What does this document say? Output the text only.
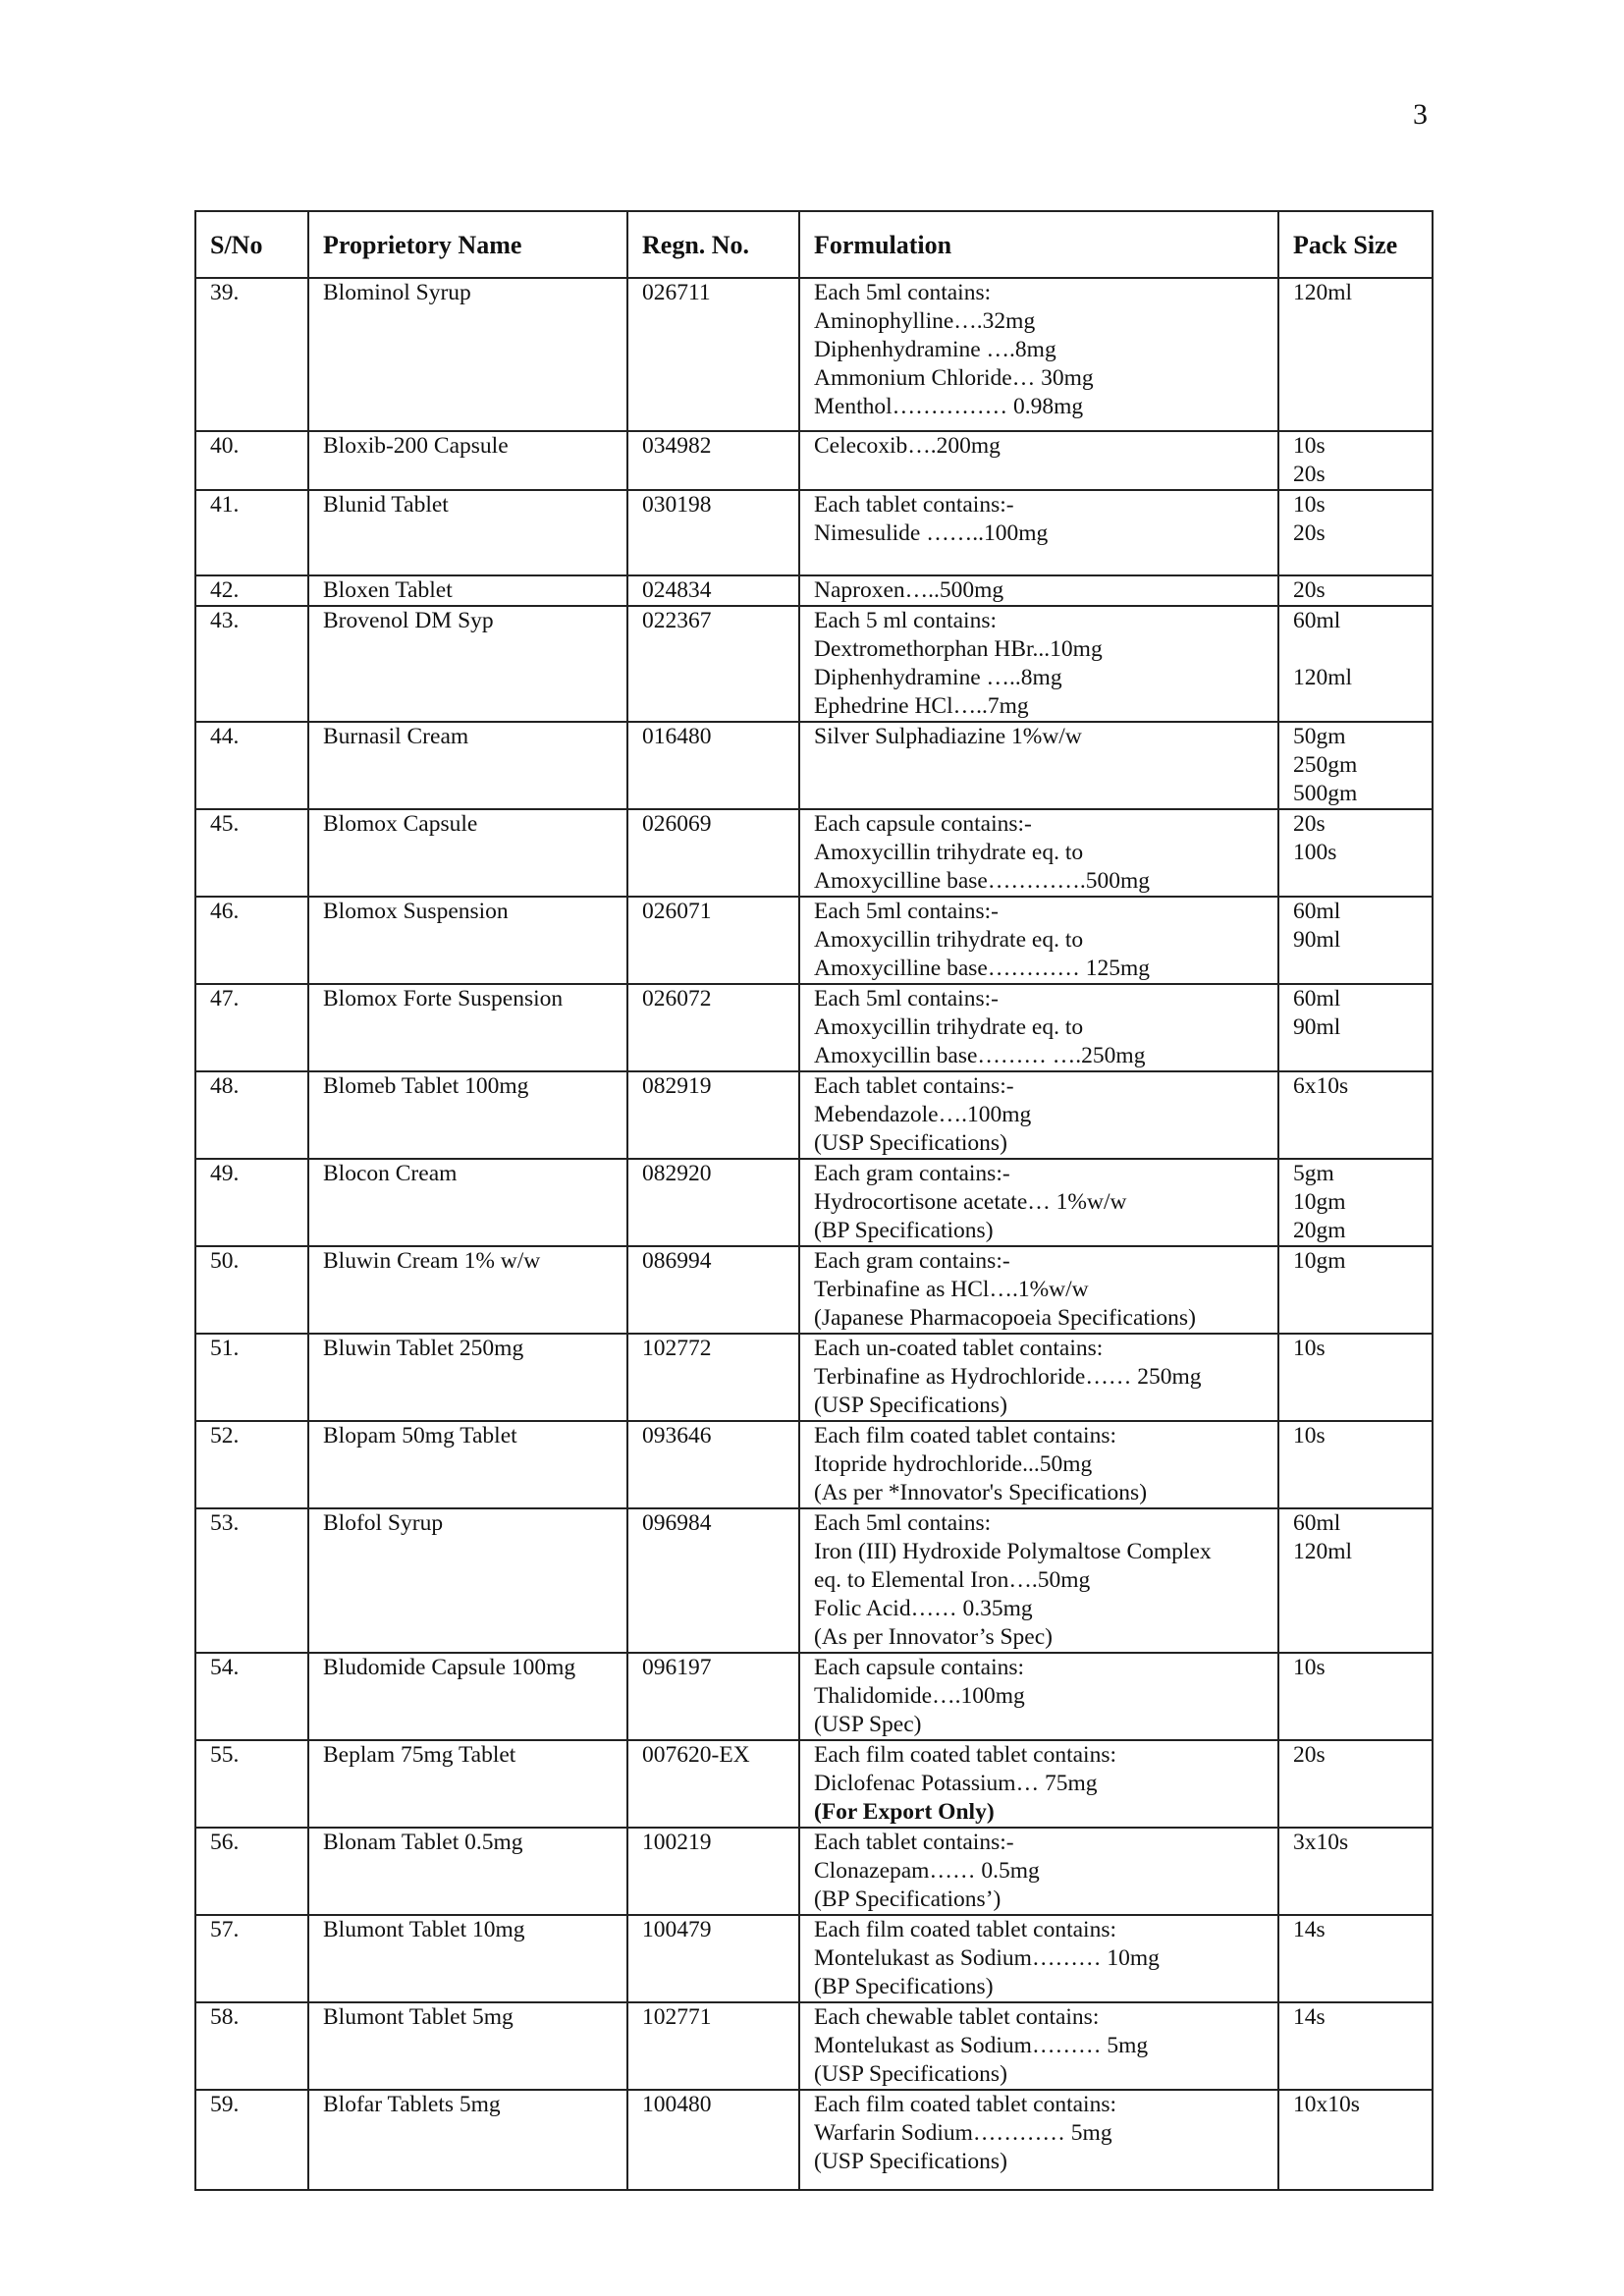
3
S/No	Proprietory Name	Regn. No.	Formulation	Pack Size
39.	Blominol Syrup	026711	Each 5ml contains:
Aminophylline….32mg
Diphenhydramine ….8mg
Ammonium Chloride… 30mg
Menthol…………… 0.98mg	120ml

40.	Bloxib-200 Capsule	034982	Celecoxib….200mg	10s
20s

41.	Blunid Tablet	030198	Each tablet contains:-
Nimesulide ……..100mg	10s
20s

42.	Bloxen Tablet	024834	Naproxen…..500mg	20s

43.	Brovenol DM Syp	022367	Each 5 ml contains:
Dextromethorphan HBr...10mg
Diphenhydramine …..8mg
Ephedrine HCl…..7mg	60ml
120ml

44.	Burnasil Cream	016480	Silver Sulphadiazine 1%w/w	50gm
250gm
500gm

45.	Blomox Capsule	026069	Each capsule contains:-
Amoxycillin trihydrate eq. to
Amoxycilline base………….500mg	20s
100s

46.	Blomox Suspension	026071	Each 5ml contains:-
Amoxycillin trihydrate eq. to
Amoxycilline base………… 125mg	60ml
90ml

47.	Blomox Forte Suspension	026072	Each 5ml contains:-
Amoxycillin trihydrate eq. to
Amoxycillin base……… ….250mg	60ml
90ml

48.	Blomeb Tablet 100mg	082919	Each tablet contains:-
Mebendazole….100mg
(USP Specifications)	6x10s

49.	Blocon Cream	082920	Each gram contains:-
Hydrocortisone acetate… 1%w/w
(BP Specifications)	5gm
10gm
20gm

50.	Bluwin Cream 1% w/w	086994	Each gram contains:-
Terbinafine as HCl….1%w/w
(Japanese Pharmacopoeia Specifications)	10gm

51.	Bluwin Tablet 250mg	102772	Each un-coated tablet contains:
Terbinafine as Hydrochloride…… 250mg
(USP Specifications)	10s

52.	Blopam 50mg Tablet	093646	Each film coated tablet contains:
Itopride hydrochloride...50mg
(As per *Innovator's Specifications)	10s

53.	Blofol Syrup	096984	Each 5ml contains:
Iron (III) Hydroxide Polymaltose Complex
eq. to Elemental Iron….50mg
Folic Acid…… 0.35mg
(As per Innovator’s Spec)	60ml
120ml

54.	Bludomide Capsule 100mg	096197	Each capsule contains:
Thalidomide….100mg
(USP Spec)	10s

55.	Beplam 75mg Tablet	007620-EX	Each film coated tablet contains:
Diclofenac Potassium… 75mg
(For Export Only)	20s

56.	Blonam Tablet 0.5mg	100219	Each tablet contains:-
Clonazepam…… 0.5mg
(BP Specifications’)	3x10s

57.	Blumont Tablet 10mg	100479	Each film coated tablet contains:
Montelukast as Sodium……… 10mg
(BP Specifications)	14s

58.	Blumont Tablet 5mg	102771	Each chewable tablet contains:
Montelukast as Sodium……… 5mg
(USP Specifications)	14s

59.	Blofar Tablets 5mg	100480	Each film coated tablet contains:
Warfarin Sodium………… 5mg
(USP Specifications)	10x10s
